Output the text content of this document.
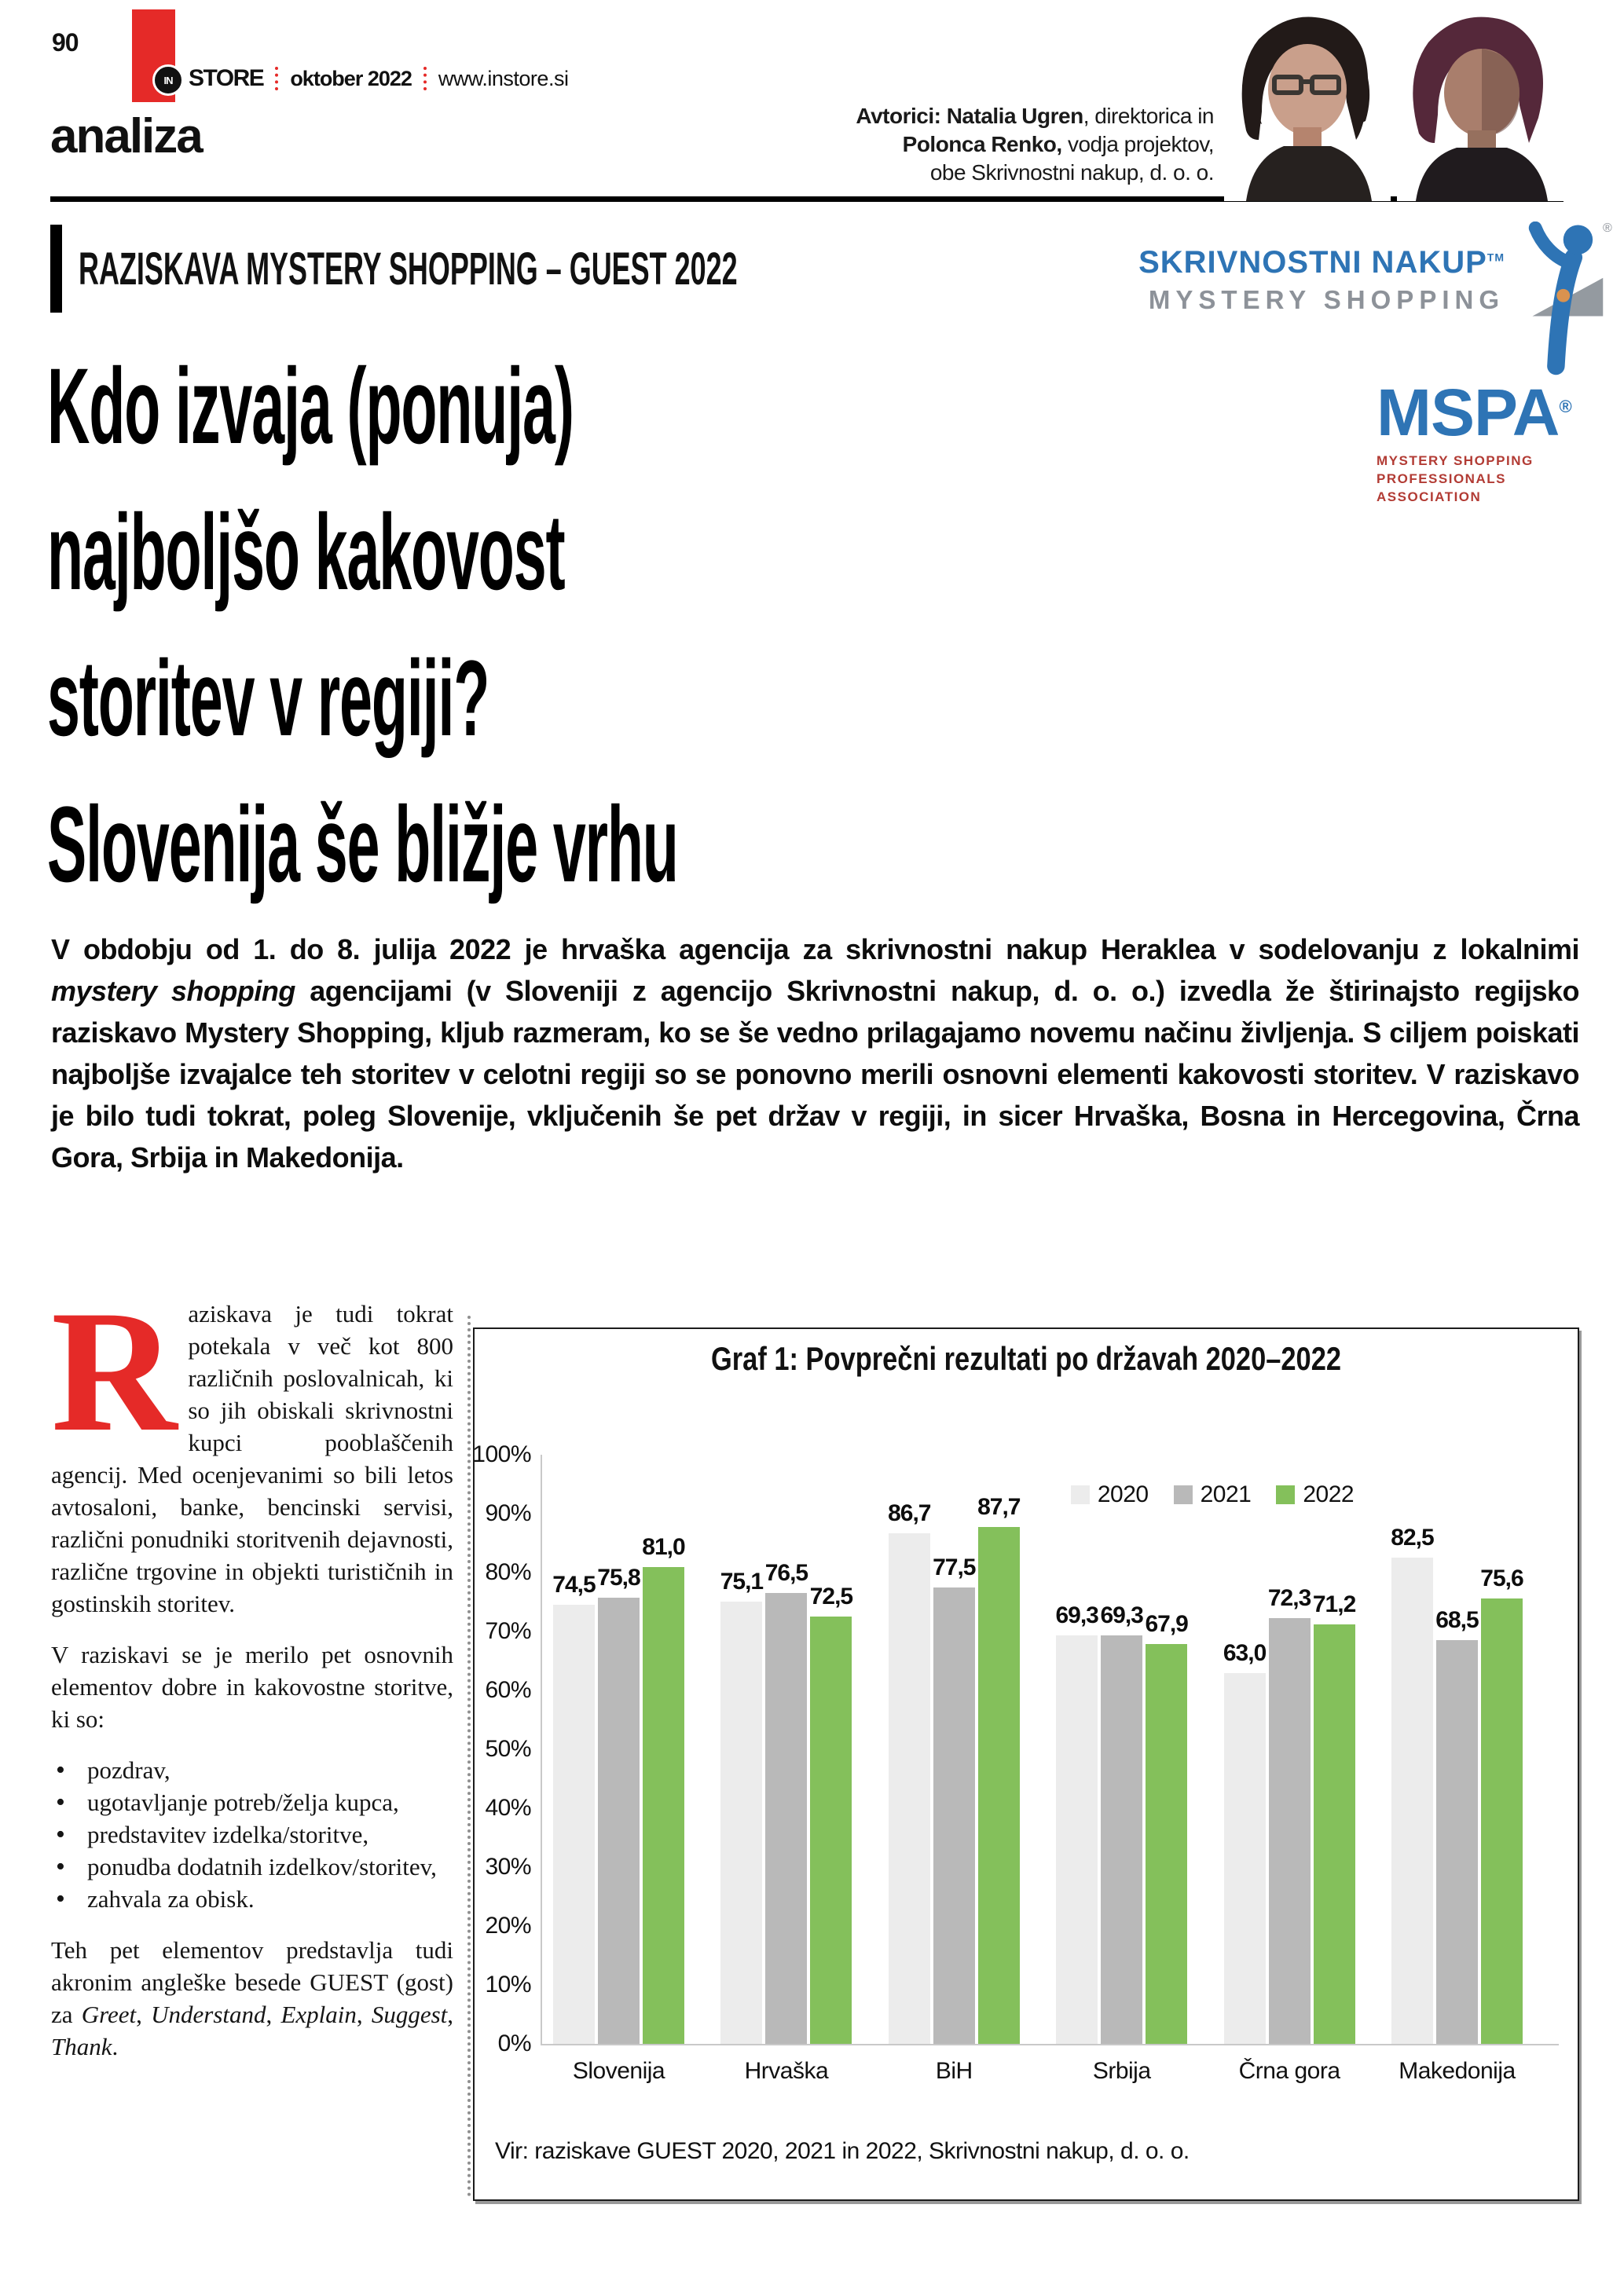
90
IN STORE oktober 2022 www.instore.si
analiza	Avtorici: Natalia Ugren, direktorica in
Polonca Renko, vodja projektov,
obe Skrivnostni nakup, d. o. o.
RAZISKAVA MYSTERY SHOPPING – GUEST 2022	SKRIVNOSTNI NAKUP™
MYSTERY SHOPPING
®
MSPA®
MYSTERY SHOPPING
PROFESSIONALS ASSOCIATION
Kdo izvaja (ponuja)
najboljšo kakovost
storitev v regiji?
Slovenija še bližje vrhu

V obdobju od 1. do 8. julija 2022 je hrvaška agencija za skrivnostni nakup Heraklea v sodelovanju z lokalnimi mystery shopping agencijami (v Sloveniji z agencijo Skrivnostni nakup, d. o. o.) izvedla že štirinajsto regijsko raziskavo Mystery Shopping, kljub razmeram, ko se še vedno prilagajamo novemu načinu življenja. S ciljem poiskati najboljše izvajalce teh storitev v celotni regiji so se ponovno merili osnovni elementi kakovosti storitev. V raziskavo je bilo tudi tokrat, poleg Slovenije, vključenih še pet držav v regiji, in sicer Hrvaška, Bosna in Hercegovina, Črna Gora, Srbija in Makedonija.

Raziskava je tudi tokrat potekala v več kot 800 različnih poslovalnicah, ki so jih obiskali skrivnostni kupci pooblaščenih agencij. Med ocenjevanimi so bili letos avtosaloni, banke, bencinski servisi, različni ponudniki storitvenih dejavnosti, različne trgovine in objekti turističnih in gostinskih storitev.

V raziskavi se je merilo pet osnovnih elementov dobre in kakovostne storitve, ki so:

• pozdrav,
• ugotavljanje potreb/želja kupca,
• predstavitev izdelka/storitve,
• ponudba dodatnih izdelkov/storitev,
• zahvala za obisk.

Teh pet elementov predstavlja tudi akronim angleške besede GUEST (gost) za Greet, Understand, Explain, Suggest, Thank.

Graf 1: Povprečni rezultati po državah 2020–2022
100%
90%
80%
70%
60%
50%
40%
30%
20%
10%
0%
74,5 75,8
81,0
Slovenija
75,1 76,5
72,5
Hrvaška
86,7
77,5
87,7
BiH
69,3 69,3 67,9
Srbija
63,0
72,3 71,2
Črna gora
82,5
68,5
75,6
Makedonija
2020 2021 2022
Vir: raziskave GUEST 2020, 2021 in 2022, Skrivnostni nakup, d. o. o.
